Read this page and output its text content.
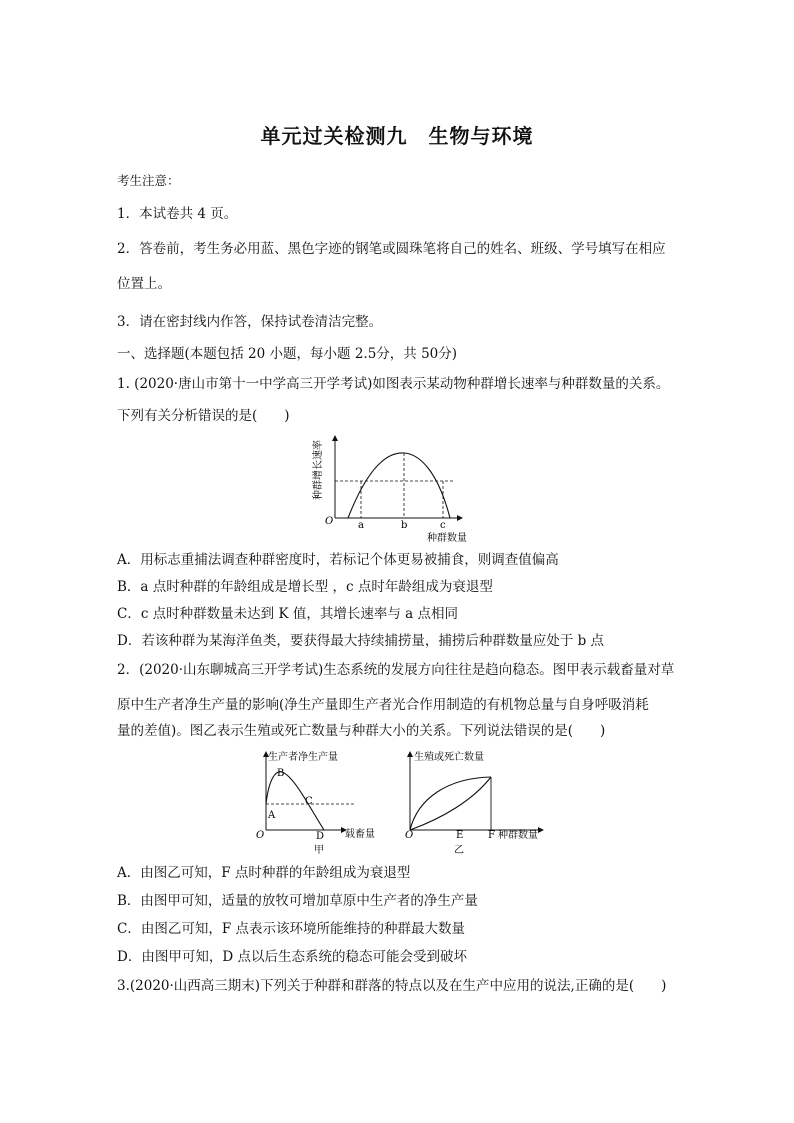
单元过关检测九　生物与环境
考生注意：
1．本试卷共 4 页。
2．答卷前，考生务必用蓝、黑色字迹的钢笔或圆珠笔将自己的姓名、班级、学号填写在相应
位置上。
3．请在密封线内作答，保持试卷清洁完整。
一、选择题(本题包括 20 小题，每小题 2.5分，共 50分)
1. (2020·唐山市第十一中学高三开学考试)如图表示某动物种群增长速率与种群数量的关系。
下列有关分析错误的是(　　)
种群增长速率
O a	b	c
种群数量
A．用标志重捕法调查种群密度时，若标记个体更易被捕食，则调查值偏高
B．a 点时种群的年龄组成是增长型 ，c 点时年龄组成为衰退型
C．c 点时种群数量未达到 K 值，其增长速率与 a 点相同
D．若该种群为某海洋鱼类，要获得最大持续捕捞量，捕捞后种群数量应处于 b 点
2．(2020·山东聊城高三开学考试)生态系统的发展方向往往是趋向稳态。图甲表示载畜量对草
原中生产者净生产量的影响(净生产量即生产者光合作用制造的有机物总量与自身呼吸消耗
量的差值)。图乙表示生殖或死亡数量与种群大小的关系。下列说法错误的是(　　)
生产者净生产量
B
A
C
D
O	载畜量
甲
生殖或死亡数量
O	E F 种群数量
乙
A．由图乙可知，F 点时种群的年龄组成为衰退型
B．由图甲可知，适量的放牧可增加草原中生产者的净生产量
C．由图乙可知，F 点表示该环境所能维持的种群最大数量
D．由图甲可知，D 点以后生态系统的稳态可能会受到破坏
3.(2020·山西高三期末)下列关于种群和群落的特点以及在生产中应用的说法,正确的是(　　)
